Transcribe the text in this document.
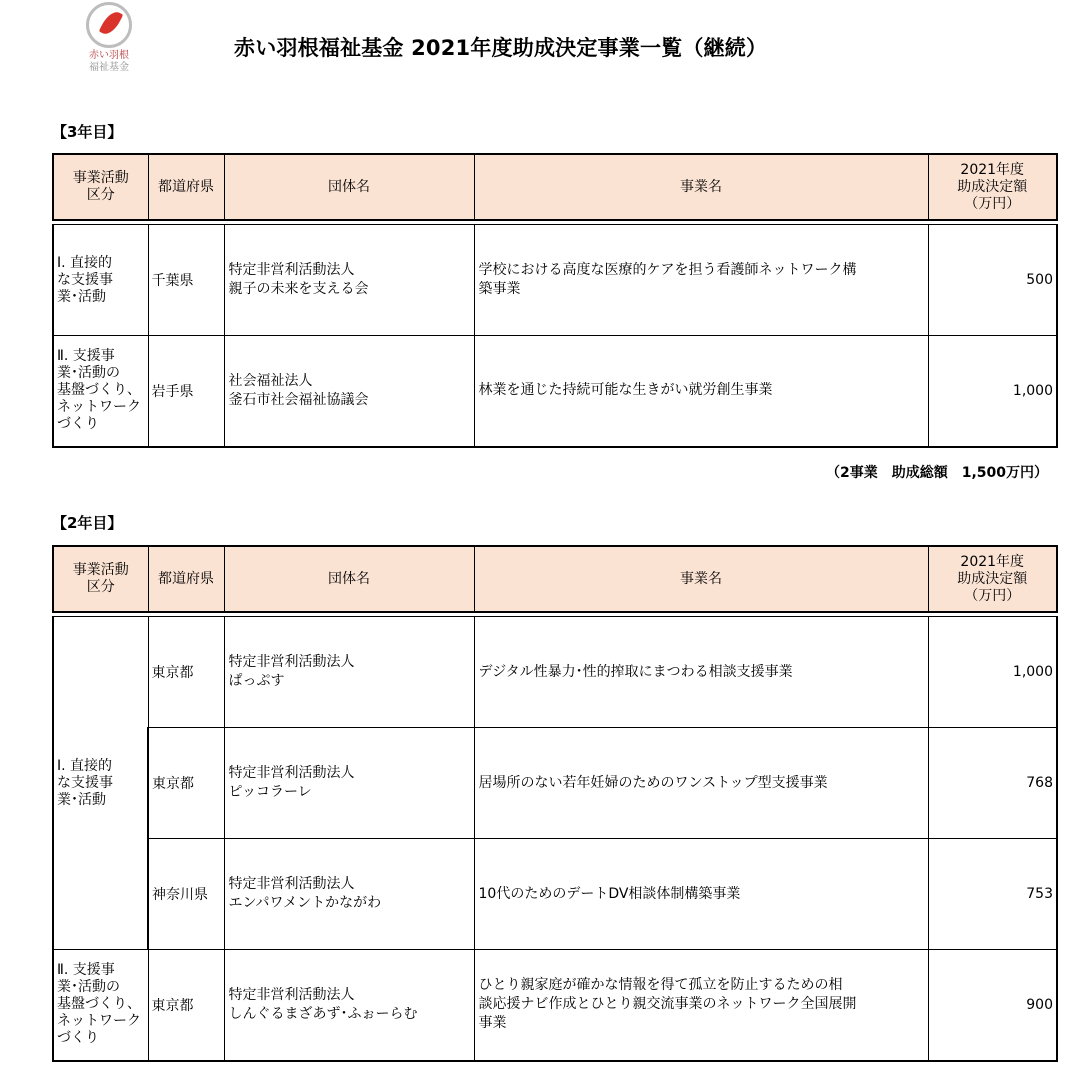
赤い羽根
福祉基金
赤い羽根福祉基金 2021年度助成決定事業一覧（継続）
【3年目】
事業活動
区分	都道府県	団体名	事業名	2021年度
助成決定額
（万円）

Ⅰ. 直接的
な支援事
業･活動	千葉県	特定非営利活動法人
親子の未来を支える会	学校における高度な医療的ケアを担う看護師ネットワーク構
築事業	500

Ⅱ. 支援事
業･活動の
基盤づくり、
ネットワーク
づくり	岩手県	社会福祉法人
釜石市社会福祉協議会	林業を通じた持続可能な生きがい就労創生事業	1,000
（2事業　助成総額　1,500万円）
【2年目】
事業活動
区分	都道府県	団体名	事業名	2021年度
助成決定額
（万円）

Ⅰ. 直接的
な支援事
業･活動	東京都	特定非営利活動法人
ぱっぷす	デジタル性暴力･性的搾取にまつわる相談支援事業	1,000
	東京都	特定非営利活動法人
ピッコラーレ	居場所のない若年妊婦のためのワンストップ型支援事業	768
	神奈川県	特定非営利活動法人
エンパワメントかながわ	10代のためのデートDV相談体制構築事業	753

Ⅱ. 支援事
業･活動の
基盤づくり、
ネットワーク
づくり	東京都	特定非営利活動法人
しんぐるまざあず･ふぉーらむ	ひとり親家庭が確かな情報を得て孤立を防止するための相
談応援ナビ作成とひとり親交流事業のネットワーク全国展開
事業	900
